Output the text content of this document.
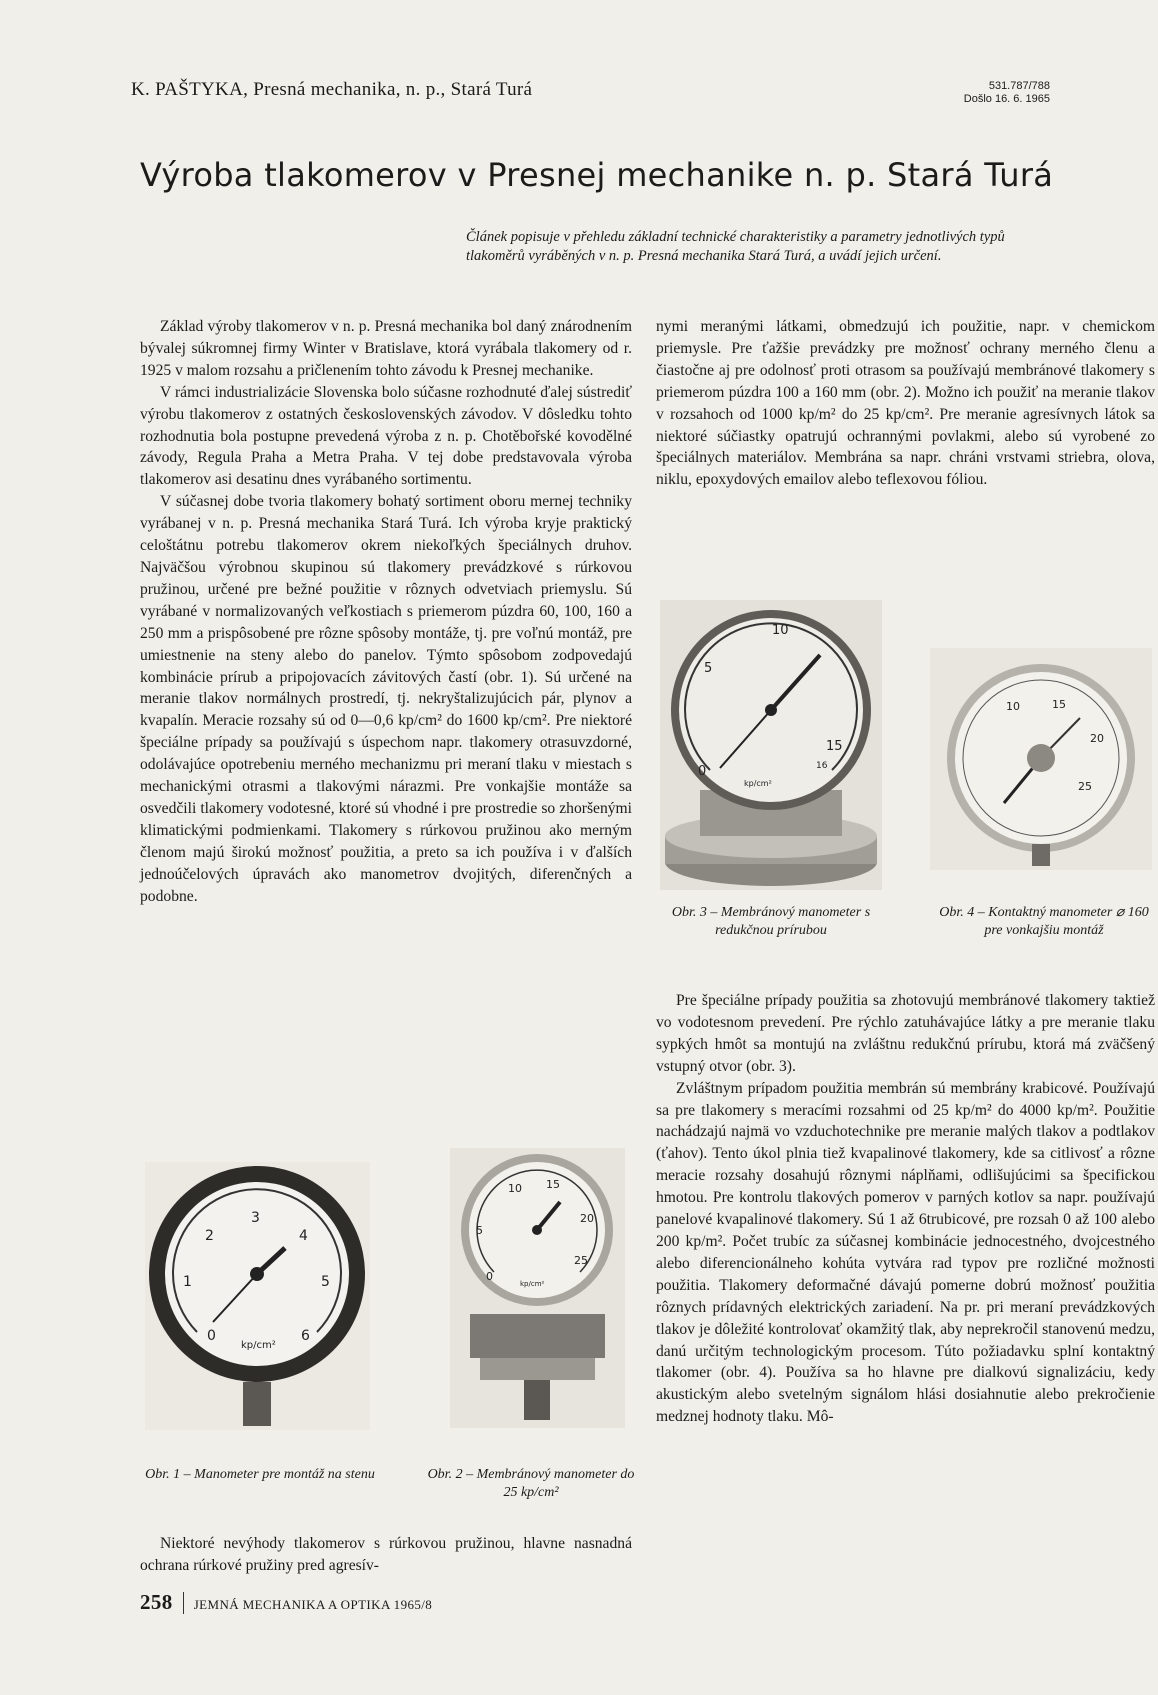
K. PAŠTYKA, Presná mechanika, n. p., Stará Turá	531.787/788
Došlo 16. 6. 1965
Výroba tlakomerov v Presnej mechanike n. p. Stará Turá
Článek popisuje v přehledu základní technické charakteristiky a parametry jednotlivých typů tlakoměrů vyráběných v n. p. Presná mechanika Stará Turá, a uvádí jejich určení.

Základ výroby tlakomerov v n. p. Presná mechanika bol daný znárodnením bývalej súkromnej firmy Winter v Bratislave, ktorá vyrábala tlakomery od r. 1925 v malom rozsahu a pričlenením tohto závodu k Presnej mechanike.

V rámci industrializácie Slovenska bolo súčasne rozhodnuté ďalej sústrediť výrobu tlakomerov z ostatných československých závodov. V dôsledku tohto rozhodnutia bola postupne prevedená výroba z n. p. Chotěbořské kovodělné závody, Regula Praha a Metra Praha. V tej dobe predstavovala výroba tlakomerov asi desatinu dnes vyrábaného sortimentu.

V súčasnej dobe tvoria tlakomery bohatý sortiment oboru mernej techniky vyrábanej v n. p. Presná mechanika Stará Turá. Ich výroba kryje praktický celoštátnu potrebu tlakomerov okrem niekoľkých špeciálnych druhov. Najväčšou výrobnou skupinou sú tlakomery prevádzkové s rúrkovou pružinou, určené pre bežné použitie v rôznych odvetviach priemyslu. Sú vyrábané v normalizovaných veľkostiach s priemerom púzdra 60, 100, 160 a 250 mm a prispôsobené pre rôzne spôsoby montáže, tj. pre voľnú montáž, pre umiestnenie na steny alebo do panelov. Týmto spôsobom zodpovedajú kombinácie prírub a pripojovacích závitových častí (obr. 1). Sú určené na meranie tlakov normálnych prostredí, tj. nekryštalizujúcich pár, plynov a kvapalín. Meracie rozsahy sú od 0—0,6 kp/cm² do 1600 kp/cm². Pre niektoré špeciálne prípady sa používajú s úspechom napr. tlakomery otrasuvzdorné, odolávajúce opotrebeniu merného mechanizmu pri meraní tlaku v miestach s mechanickými otrasmi a tlakovými nárazmi. Pre vonkajšie montáže sa osvedčili tlakomery vodotesné, ktoré sú vhodné i pre prostredie so zhoršenými klimatickými podmienkami. Tlakomery s rúrkovou pružinou ako merným členom majú širokú možnosť použitia, a preto sa ich používa i v ďalších jednoúčelových úpravách ako manometrov dvojitých, diferenčných a podobne.

nymi meranými látkami, obmedzujú ich použitie, napr. v chemickom priemysle. Pre ťažšie prevádzky pre možnosť ochrany merného členu a čiastočne aj pre odolnosť proti otrasom sa používajú membránové tlakomery s priemerom púzdra 100 a 160 mm (obr. 2). Možno ich použiť na meranie tlakov v rozsahoch od 1000 kp/m² do 25 kp/cm². Pre meranie agresívnych látok sa niektoré súčiastky opatrujú ochrannými povlakmi, alebo sú vyrobené zo špeciálnych materiálov. Membrána sa napr. chráni vrstvami striebra, olova, niklu, epoxydových emailov alebo teflexovou fóliou.

0
5
10
15
16
kp/cm²
Obr. 3 – Membránový manometer s redukčnou prírubou
10	15
20
25
Obr. 4 – Kontaktný manometer ⌀ 160 pre vonkajšiu montáž

Pre špeciálne prípady použitia sa zhotovujú membránové tlakomery taktiež vo vodotesnom prevedení. Pre rýchlo zatuhávajúce látky a pre meranie tlaku sypkých hmôt sa montujú na zvláštnu redukčnú prírubu, ktorá má zväčšený vstupný otvor (obr. 3).

Zvláštnym prípadom použitia membrán sú membrány krabicové. Používajú sa pre tlakomery s meracími rozsahmi od 25 kp/m² do 4000 kp/m². Použitie nachádzajú najmä vo vzduchotechnike pre meranie malých tlakov a podtlakov (ťahov). Tento úkol plnia tiež kvapalinové tlakomery, kde sa citlivosť a rôzne meracie rozsahy dosahujú rôznymi náplňami, odlišujúcimi sa špecifickou hmotou. Pre kontrolu tlakových pomerov v parných kotlov sa napr. používajú panelové kvapalinové tlakomery. Sú 1 až 6trubicové, pre rozsah 0 až 100 alebo 200 kp/m². Počet trubíc za súčasnej kombinácie jednocestného, dvojcestného alebo diferencionálneho kohúta vytvára rad typov pre rozličné možnosti použitia. Tlakomery deformačné dávajú pomerne dobrú možnosť použitia rôznych prídavných elektrických zariadení. Na pr. pri meraní prevádzkových tlakov je dôležité kontrolovať okamžitý tlak, aby neprekročil stanovenú medzu, danú určitým technologickým procesom. Túto požiadavku splní kontaktný tlakomer (obr. 4). Používa sa ho hlavne pre dialkovú signalizáciu, kedy akustickým alebo svetelným signálom hlási dosiahnutie alebo prekročienie medznej hodnoty tlaku. Mô-

0
1
2
3
4
5
6
kp/cm²
Obr. 1 – Manometer pre montáž na stenu
0
5
10 15
20
25
kp/cm²
Obr. 2 – Membránový manometer do 25 kp/cm²

Niektoré nevýhody tlakomerov s rúrkovou pružinou, hlavne nasnadná ochrana rúrkové pružiny pred agresív-

258 JEMNÁ MECHANIKA A OPTIKA 1965/8
